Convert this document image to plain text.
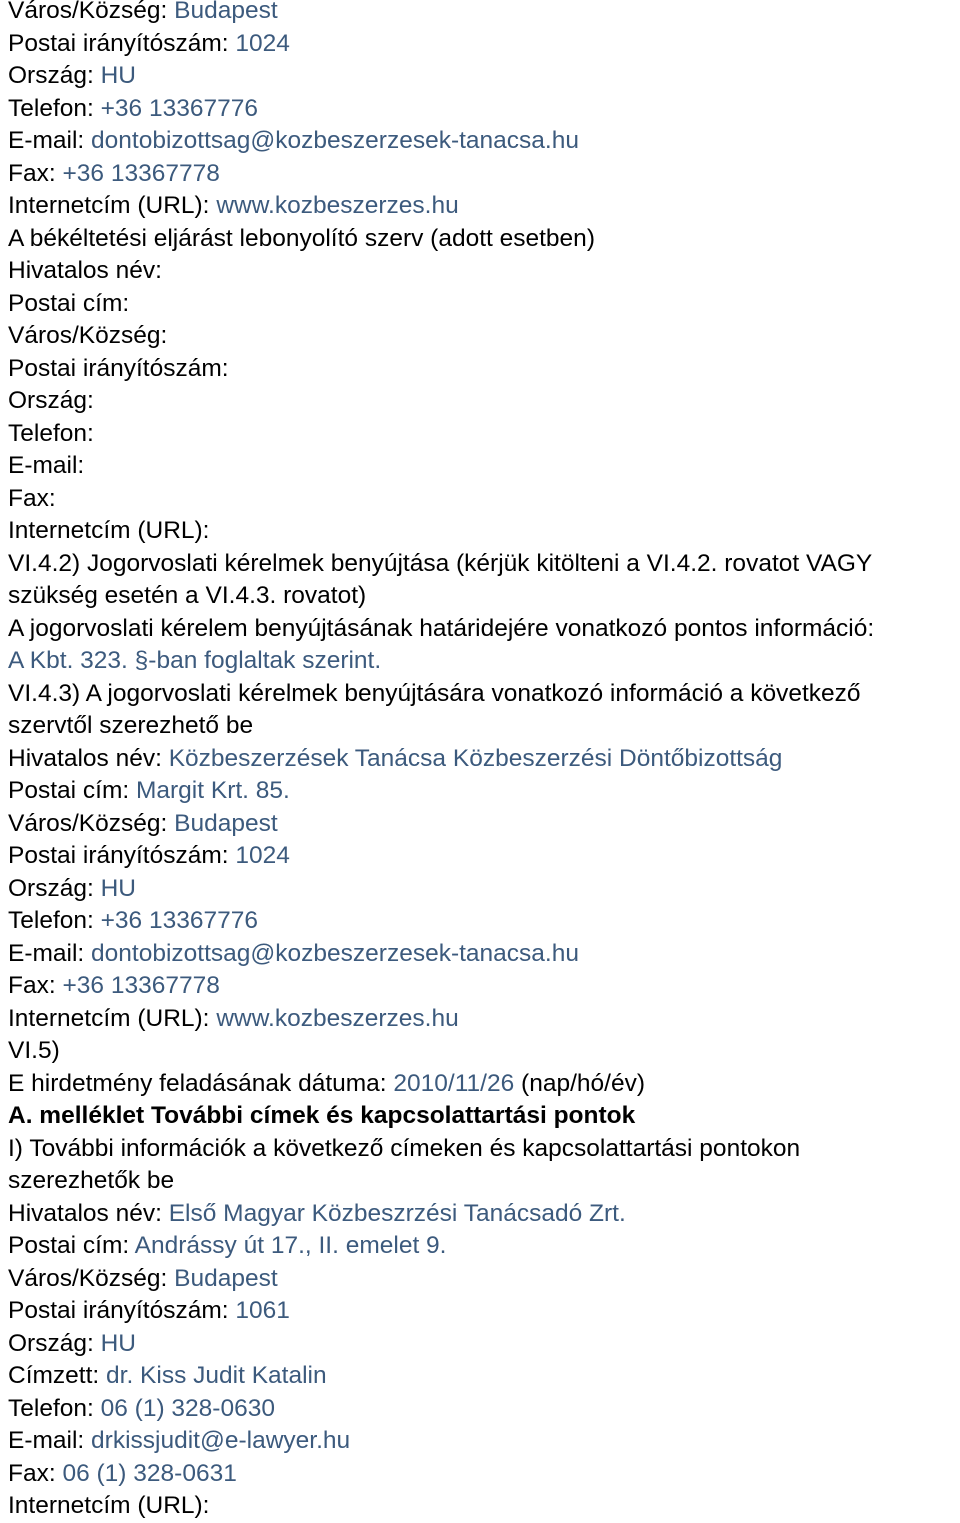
Város/Község: Budapest
Postai irányítószám: 1024
Ország: HU
Telefon: +36 13367776
E-mail: dontobizottsag@kozbeszerzesek-tanacsa.hu
Fax: +36 13367778
Internetcím (URL): www.kozbeszerzes.hu
A békéltetési eljárást lebonyolító szerv (adott esetben)
Hivatalos név:
Postai cím:
Város/Község:
Postai irányítószám:
Ország:
Telefon:
E-mail:
Fax:
Internetcím (URL):
VI.4.2) Jogorvoslati kérelmek benyújtása (kérjük kitölteni a VI.4.2. rovatot VAGY
szükség esetén a VI.4.3. rovatot)
A jogorvoslati kérelem benyújtásának határidejére vonatkozó pontos információ:
A Kbt. 323. §-ban foglaltak szerint.
VI.4.3) A jogorvoslati kérelmek benyújtására vonatkozó információ a következő
szervtől szerezhető be
Hivatalos név: Közbeszerzések Tanácsa Közbeszerzési Döntőbizottság
Postai cím: Margit Krt. 85.
Város/Község: Budapest
Postai irányítószám: 1024
Ország: HU
Telefon: +36 13367776
E-mail: dontobizottsag@kozbeszerzesek-tanacsa.hu
Fax: +36 13367778
Internetcím (URL): www.kozbeszerzes.hu
VI.5)
E hirdetmény feladásának dátuma: 2010/11/26 (nap/hó/év)
A. melléklet További címek és kapcsolattartási pontok
I) További információk a következő címeken és kapcsolattartási pontokon
szerezhetők be
Hivatalos név: Első Magyar Közbeszrzési Tanácsadó Zrt.
Postai cím: Andrássy út 17., II. emelet 9.
Város/Község: Budapest
Postai irányítószám: 1061
Ország: HU
Címzett: dr. Kiss Judit Katalin
Telefon: 06 (1) 328-0630
E-mail: drkissjudit@e-lawyer.hu
Fax: 06 (1) 328-0631
Internetcím (URL):
